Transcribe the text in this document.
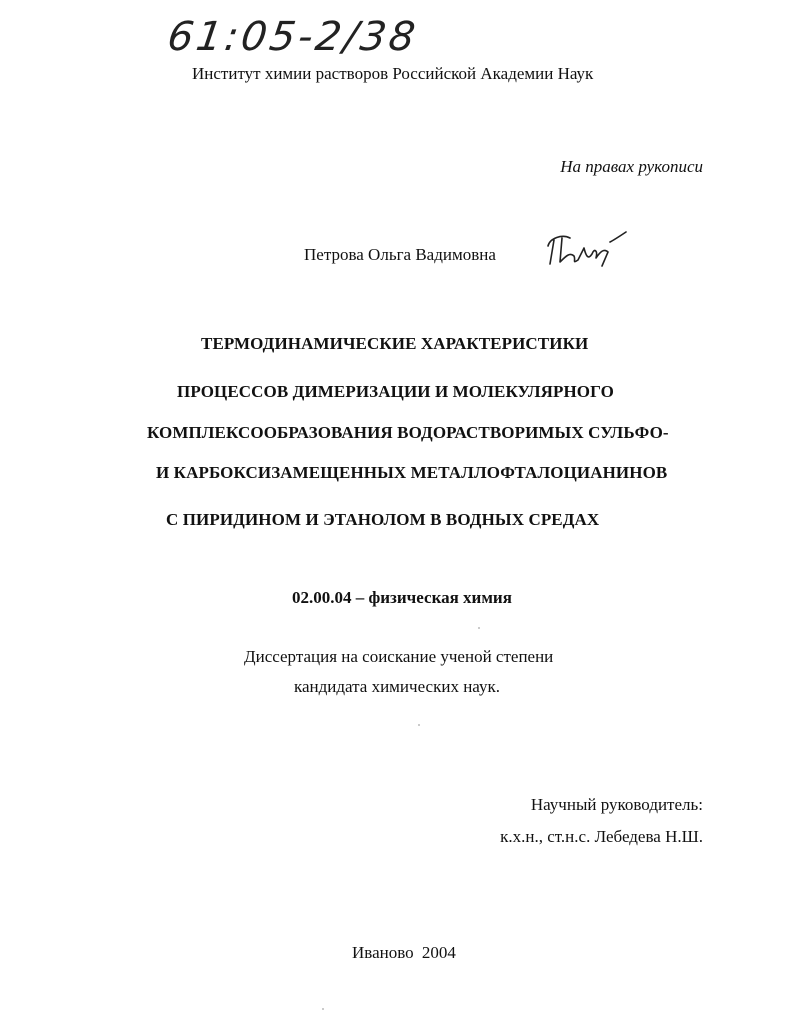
61:05-2/38
Институт химии растворов Российской Академии Наук
На правах рукописи
Петрова Ольга Вадимовна
ТЕРМОДИНАМИЧЕСКИЕ ХАРАКТЕРИСТИКИ
ПРОЦЕССОВ ДИМЕРИЗАЦИИ И МОЛЕКУЛЯРНОГО
КОМПЛЕКСООБРАЗОВАНИЯ ВОДОРАСТВОРИМЫХ СУЛЬФО-
И КАРБОКСИЗАМЕЩЕННЫХ МЕТАЛЛОФТАЛОЦИАНИНОВ
С ПИРИДИНОМ И ЭТАНОЛОМ В ВОДНЫХ СРЕДАХ
02.00.04 – физическая химия
Диссертация на соискание ученой степени
кандидата химических наук.
Научный руководитель:
к.х.н., ст.н.с. Лебедева Н.Ш.
Иваново 2004
